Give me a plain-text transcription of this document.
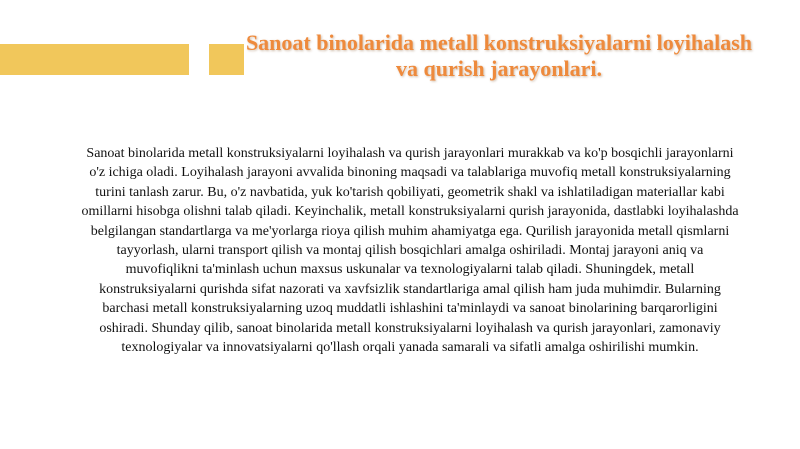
Sanoat binolarida metall konstruksiyalarni loyihalash va qurish jarayonlari.

Sanoat binolarida metall konstruksiyalarni loyihalash va qurish jarayonlari murakkab va ko'p bosqichli jarayonlarni o'z ichiga oladi. Loyihalash jarayoni avvalida binoning maqsadi va talablariga muvofiq metall konstruksiyalarning turini tanlash zarur. Bu, o'z navbatida, yuk ko'tarish qobiliyati, geometrik shakl va ishlatiladigan materiallar kabi omillarni hisobga olishni talab qiladi. Keyinchalik, metall konstruksiyalarni qurish jarayonida, dastlabki loyihalashda belgilangan standartlarga va me'yorlarga rioya qilish muhim ahamiyatga ega. Qurilish jarayonida metall qismlarni tayyorlash, ularni transport qilish va montaj qilish bosqichlari amalga oshiriladi. Montaj jarayoni aniq va muvofiqlikni ta'minlash uchun maxsus uskunalar va texnologiyalarni talab qiladi. Shuningdek, metall konstruksiyalarni qurishda sifat nazorati va xavfsizlik standartlariga amal qilish ham juda muhimdir. Bularning barchasi metall konstruksiyalarning uzoq muddatli ishlashini ta'minlaydi va sanoat binolarining barqarorligini oshiradi. Shunday qilib, sanoat binolarida metall konstruksiyalarni loyihalash va qurish jarayonlari, zamonaviy texnologiyalar va innovatsiyalarni qo'llash orqali yanada samarali va sifatli amalga oshirilishi mumkin.
